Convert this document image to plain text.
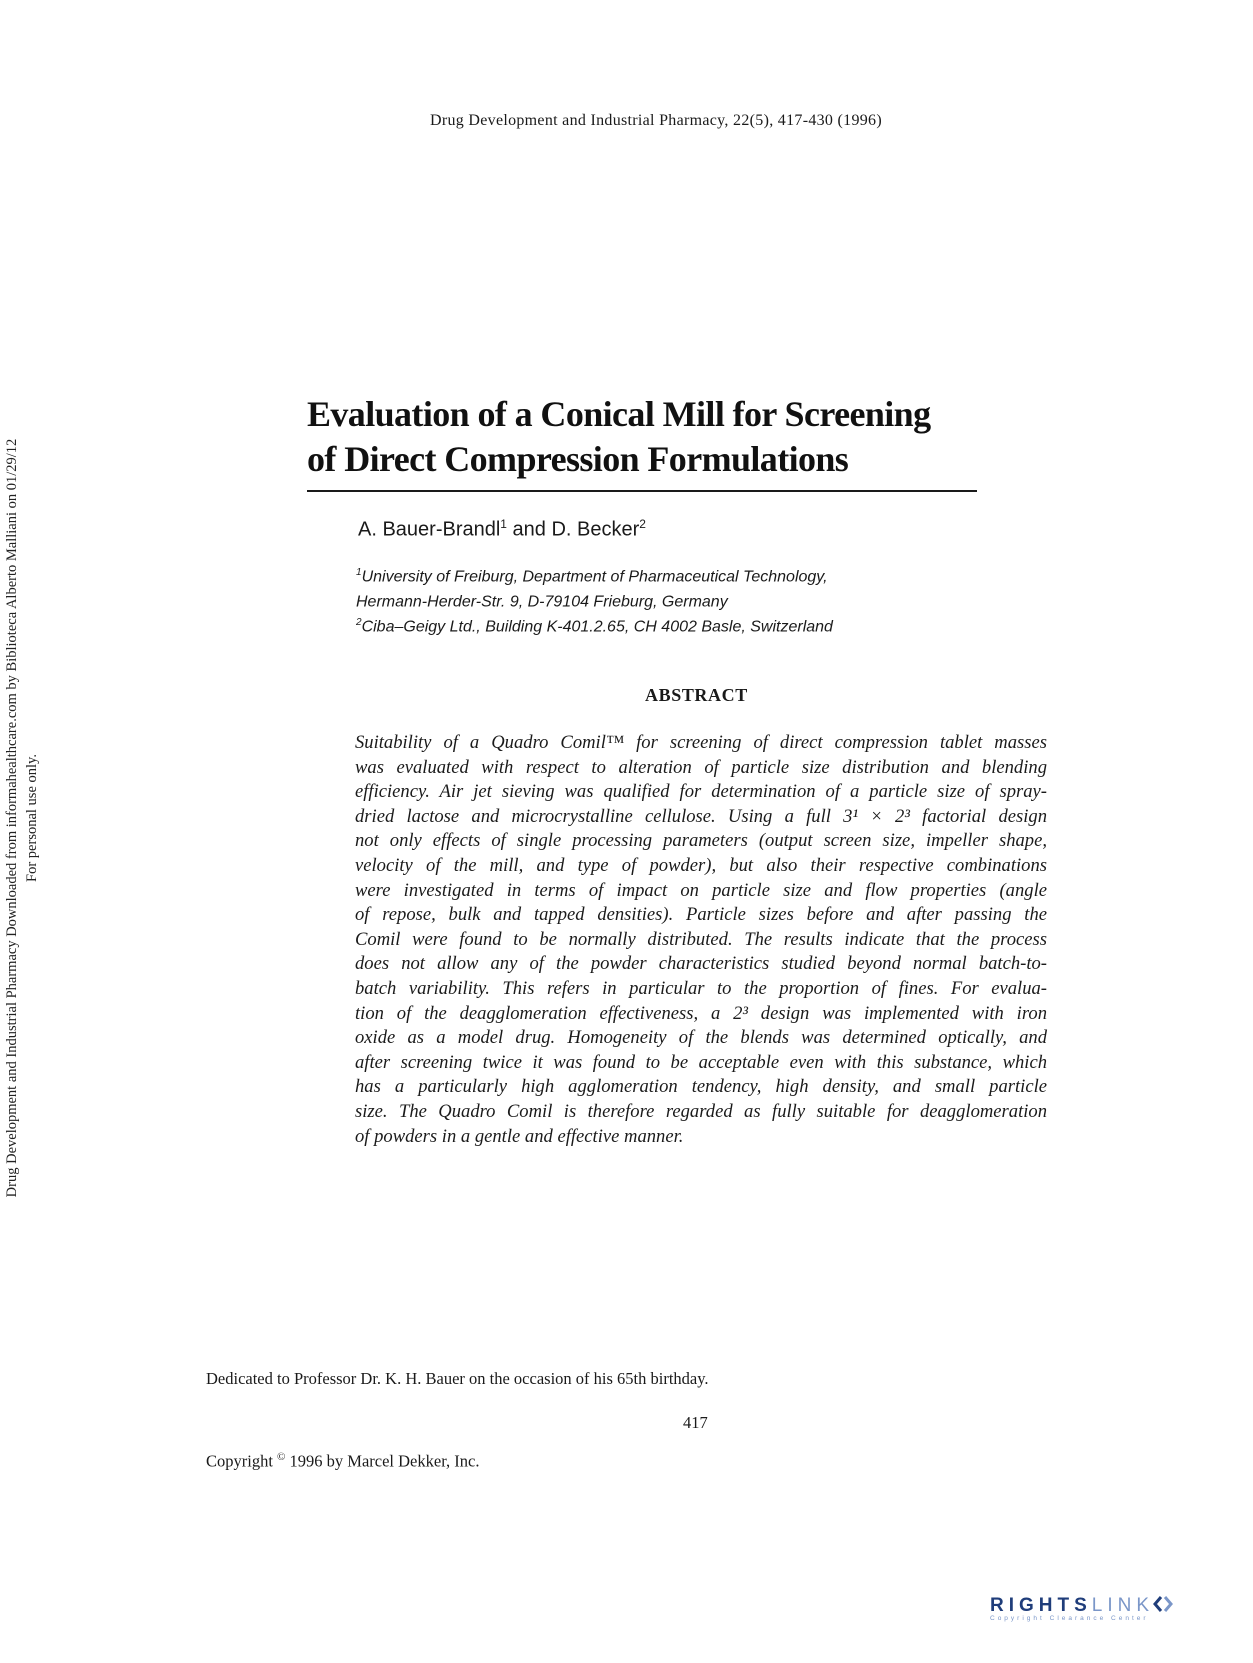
Drug Development and Industrial Pharmacy, 22(5), 417-430 (1996)
Drug Development and Industrial Pharmacy Downloaded from informahealthcare.com by Biblioteca Alberto Malliani on 01/29/12 For personal use only.
Evaluation of a Conical Mill for Screening
of Direct Compression Formulations
A. Bauer-Brandl$^1$ and D. Becker$^2$
$^1$University of Freiburg, Department of Pharmaceutical Technology,
Hermann-Herder-Str. 9, D-79104 Frieburg, Germany
$^2$Ciba–Geigy Ltd., Building K-401.2.65, CH 4002 Basle, Switzerland
ABSTRACT
Suitability of a Quadro Comil™ for screening of direct compression tablet masses
was evaluated with respect to alteration of particle size distribution and blending
efficiency. Air jet sieving was qualified for determination of a particle size of spray-
dried lactose and microcrystalline cellulose. Using a full 3¹ × 2³ factorial design
not only effects of single processing parameters (output screen size, impeller shape,
velocity of the mill, and type of powder), but also their respective combinations
were investigated in terms of impact on particle size and flow properties (angle
of repose, bulk and tapped densities). Particle sizes before and after passing the
Comil were found to be normally distributed. The results indicate that the process
does not allow any of the powder characteristics studied beyond normal batch-to-
batch variability. This refers in particular to the proportion of fines. For evalua-
tion of the deagglomeration effectiveness, a 2³ design was implemented with iron
oxide as a model drug. Homogeneity of the blends was determined optically, and
after screening twice it was found to be acceptable even with this substance, which
has a particularly high agglomeration tendency, high density, and small particle
size. The Quadro Comil is therefore regarded as fully suitable for deagglomeration
of powders in a gentle and effective manner.
Dedicated to Professor Dr. K. H. Bauer on the occasion of his 65th birthday.
417
Copyright © 1996 by Marcel Dekker, Inc.
RIGHTSLINK
Copyright Clearance Center
